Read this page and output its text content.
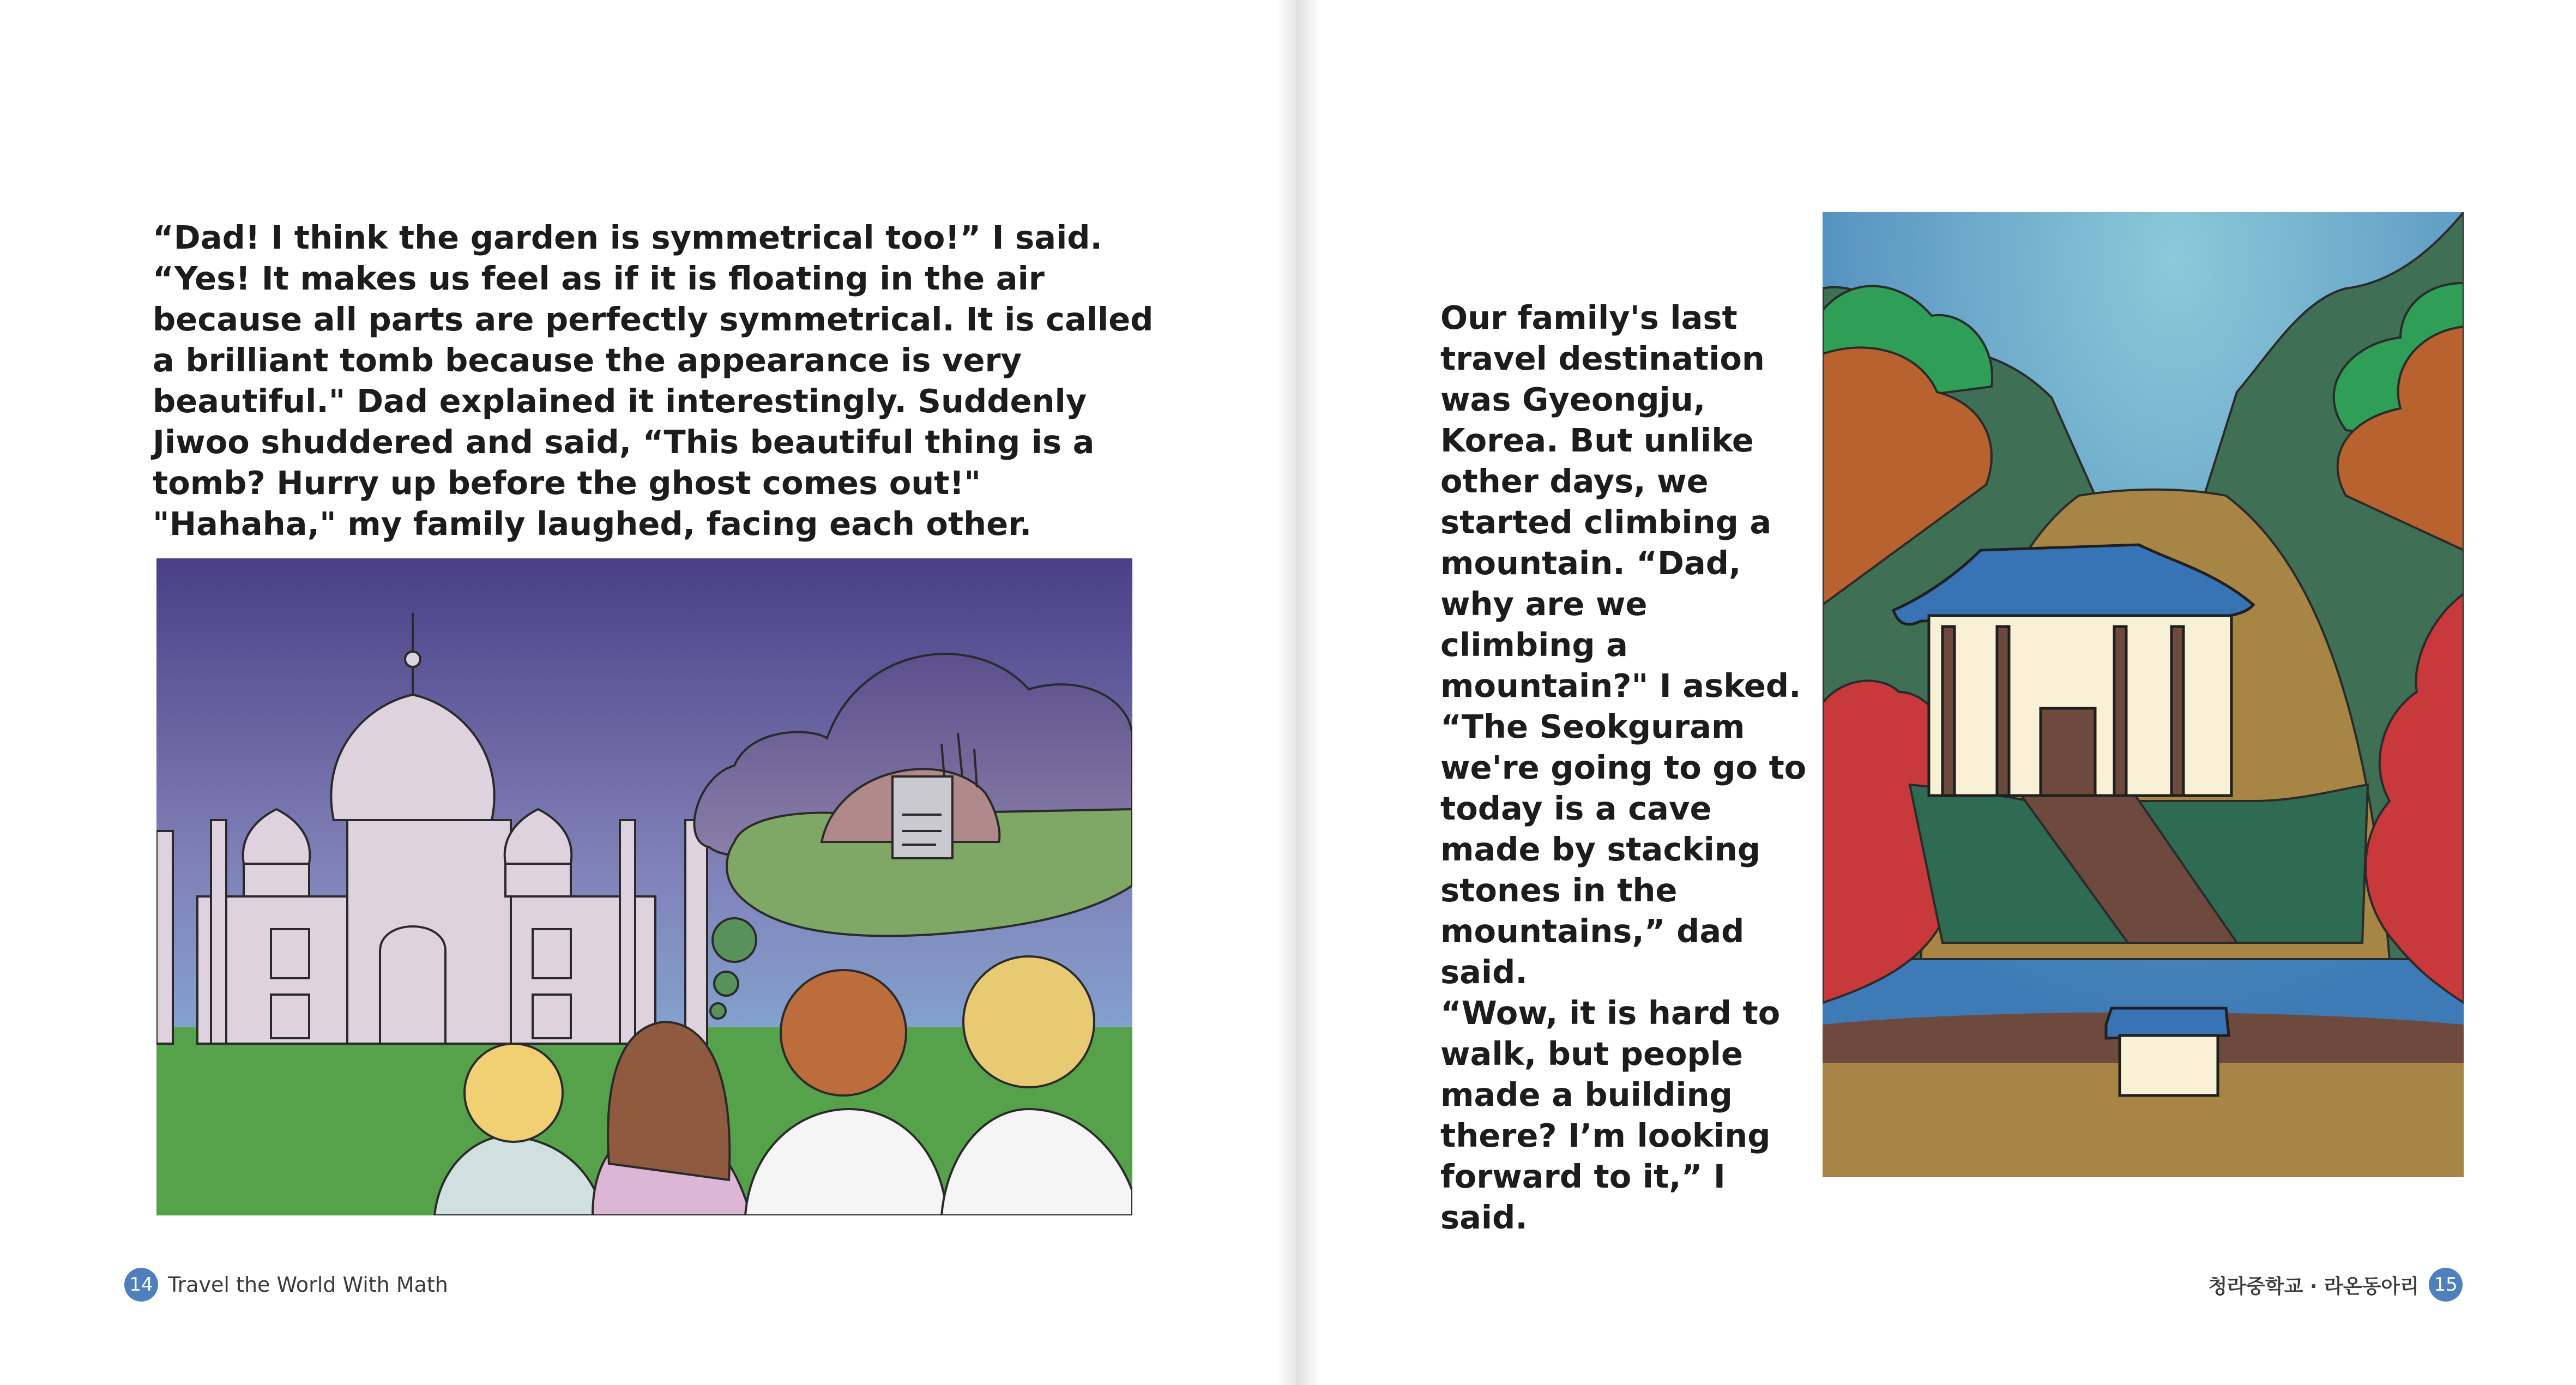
“Dad! I think the garden is symmetrical too!” I said. “Yes! It makes us feel as if it is floating in the air because all parts are perfectly symmetrical. It is called a brilliant tomb because the appearance is very beautiful." Dad explained it interestingly. Suddenly Jiwoo shuddered and said, “This beautiful thing is a tomb? Hurry up before the ghost comes out!" "Hahaha," my family laughed, facing each other.

Our family's last travel destination was Gyeongju, Korea. But unlike other days, we started climbing a mountain. “Dad, why are we climbing a mountain?" I asked. “The Seokguram we're going to go to today is a cave made by stacking stones in the mountains,” dad said.

“Wow, it is hard to walk, but people made a building there? I’m looking forward to it,” I said.

14 Travel the World With Math	청라중학교 · 라온동아리 15
